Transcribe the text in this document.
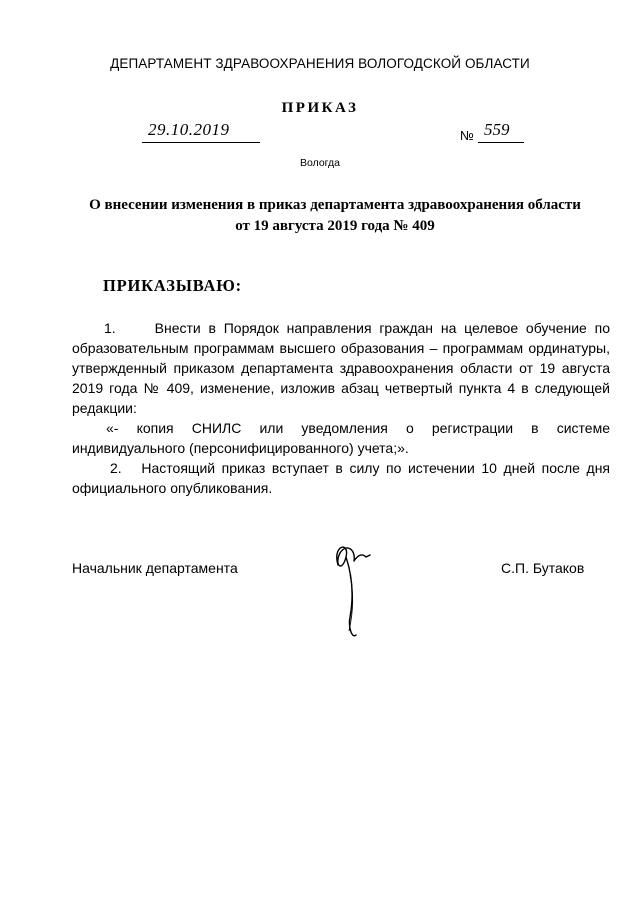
ДЕПАРТАМЕНТ ЗДРАВООХРАНЕНИЯ ВОЛОГОДСКОЙ ОБЛАСТИ
ПРИКАЗ
29.10.2019	№ 559
Вологда
О внесении изменения в приказ департамента здравоохранения области
от 19 августа 2019 года № 409
ПРИКАЗЫВАЮ:

1.     Внести в Порядок направления граждан на целевое обучение по образовательным программам высшего образования – программам ординатуры, утвержденный приказом департамента здравоохранения области от 19 августа 2019 года № 409, изменение, изложив абзац четвертый пункта 4 в следующей редакции:

«- копия СНИЛС или уведомления о регистрации в системе индивидуального (персонифицированного) учета;».

2.   Настоящий приказ вступает в силу по истечении 10 дней после дня официального опубликования.

Начальник департамента	С.П. Бутаков
